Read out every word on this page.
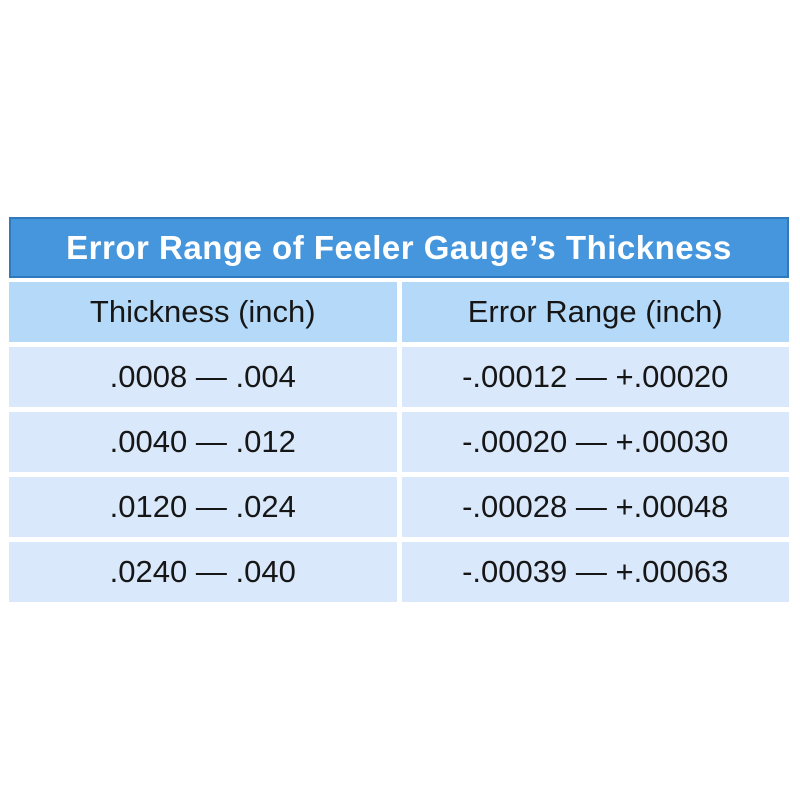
Error Range of Feeler Gauge’s Thickness
Thickness (inch)	Error Range (inch)
.0008 — .004	-.00012 — +.00020
.0040 — .012	-.00020 — +.00030
.0120 — .024	-.00028 — +.00048
.0240 — .040	-.00039 — +.00063
